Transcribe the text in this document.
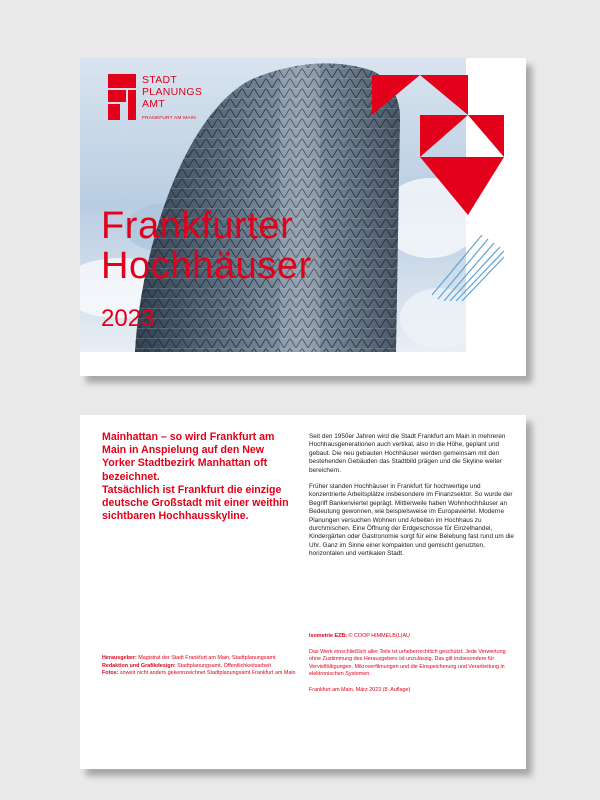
STADT
PLANUNGS
AMT
FRANKFURT AM MAIN
Frankfurter
Hochhäuser
2023

Mainhattan – so wird Frankfurt am Main in Anspielung auf den New Yorker Stadtbezirk Manhattan oft bezeichnet.

Tatsächlich ist Frankfurt die einzige deutsche Großstadt mit einer weithin sichtbaren Hochhausskyline.

Seit den 1950er Jahren wird die Stadt Frankfurt am Main in mehreren Hochhausgenerationen auch vertikal, also in die Höhe, geplant und gebaut. Die neu gebauten Hochhäuser werden gemeinsam mit den bestehenden Gebäuden das Stadtbild prägen und die Skyline weiter bereichern.

Früher standen Hochhäuser in Frankfurt für hochwertige und konzentrierte Arbeitsplätze insbesondere im Finanzsektor. So wurde der Begriff Bankenviertel geprägt. Mittlerweile haben Wohnhochhäuser an Bedeutung gewonnen, wie beispielsweise im Europaviertel. Moderne Planungen versuchen Wohnen und Arbeiten im Hochhaus zu durchmischen. Eine Öffnung der Erdgeschosse für Einzelhandel, Kindergärten oder Gastronomie sorgt für eine Belebung fast rund um die Uhr. Ganz im Sinne einer kompakten und gemischt genutzten, horizontalen und vertikalen Stadt.

Herausgeber: Magistrat der Stadt Frankfurt am Main, Stadtplanungsamt
Redaktion und Grafikdesign: Stadtplanungsamt, Öffentlichkeitsarbeit
Fotos: soweit nicht anders gekennzeichnet Stadtplanungsamt Frankfurt am Main

Isometrie EZB: © COOP HIMMELB(L)AU

Das Werk einschließlich aller Teile ist urheberrechtlich geschützt. Jede Verwertung ohne Zustimmung des Herausgebers ist unzulässig. Das gilt insbesondere für Vervielfältigungen, Mikroverfilmungen und die Einspeicherung und Verarbeitung in elektronischen Systemen.

Frankfurt am Main, März 2023 (8. Auflage)
